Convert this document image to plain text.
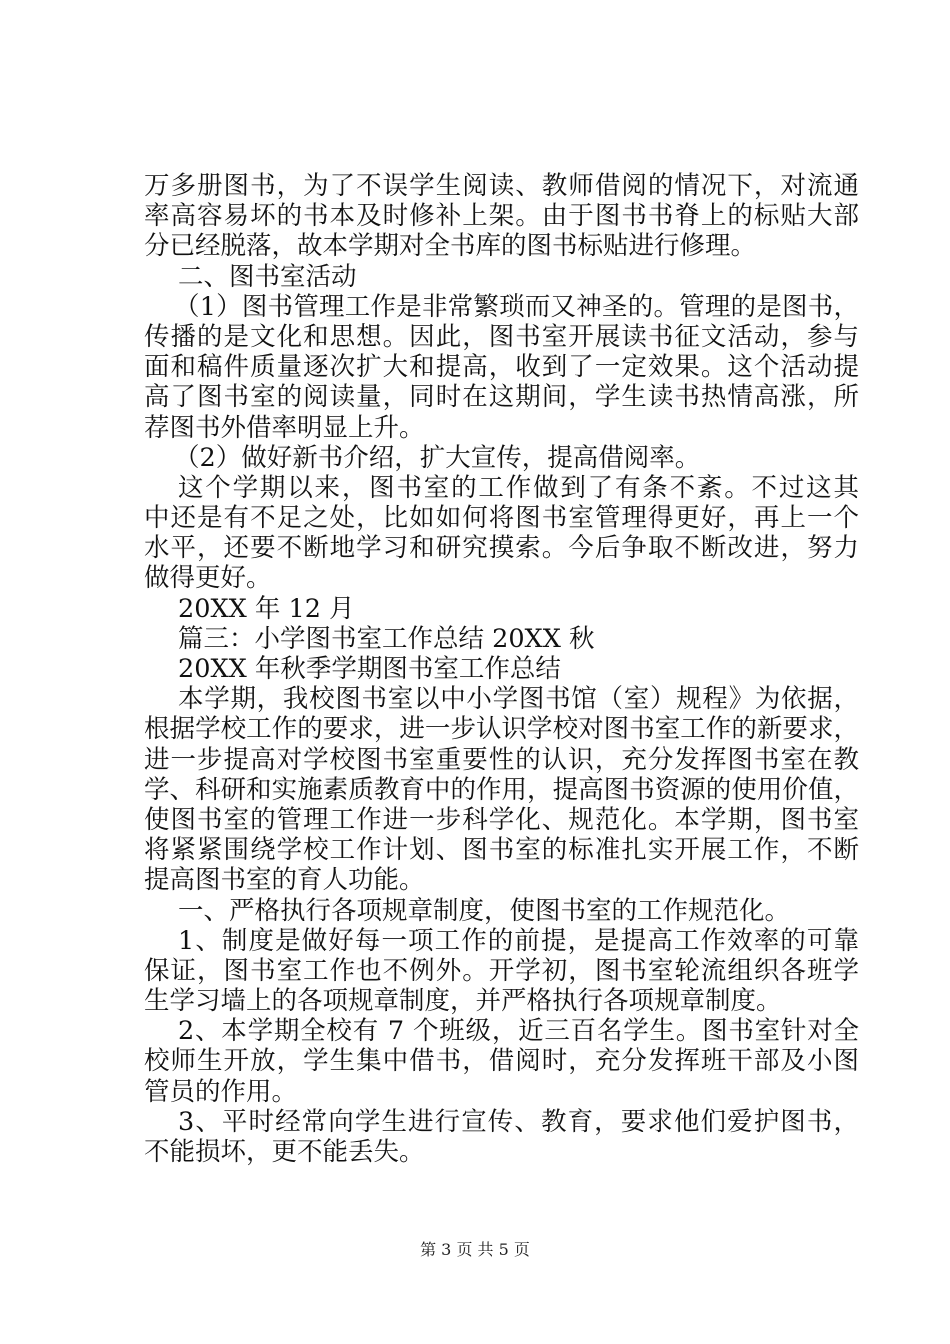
万多册图书，为了不误学生阅读、教师借阅的情况下，对流通
率高容易坏的书本及时修补上架。由于图书书脊上的标贴大部
分已经脱落，故本学期对全书库的图书标贴进行修理。
二、图书室活动
（1）图书管理工作是非常繁琐而又神圣的。管理的是图书，
传播的是文化和思想。因此，图书室开展读书征文活动，参与
面和稿件质量逐次扩大和提高，收到了一定效果。这个活动提
高了图书室的阅读量，同时在这期间，学生读书热情高涨，所
荐图书外借率明显上升。
（2）做好新书介绍，扩大宣传，提高借阅率。
这个学期以来，图书室的工作做到了有条不紊。不过这其
中还是有不足之处，比如如何将图书室管理得更好，再上一个
水平，还要不断地学习和研究摸索。今后争取不断改进，努力
做得更好。
20XX 年 12 月
篇三：小学图书室工作总结 20XX 秋
20XX 年秋季学期图书室工作总结
本学期，我校图书室以中小学图书馆（室）规程》为依据，
根据学校工作的要求，进一步认识学校对图书室工作的新要求，
进一步提高对学校图书室重要性的认识，充分发挥图书室在教
学、科研和实施素质教育中的作用，提高图书资源的使用价值，
使图书室的管理工作进一步科学化、规范化。本学期，图书室
将紧紧围绕学校工作计划、图书室的标准扎实开展工作，不断
提高图书室的育人功能。
一、严格执行各项规章制度，使图书室的工作规范化。
1、制度是做好每一项工作的前提，是提高工作效率的可靠
保证，图书室工作也不例外。开学初，图书室轮流组织各班学
生学习墙上的各项规章制度，并严格执行各项规章制度。
2、本学期全校有 7 个班级，近三百名学生。图书室针对全
校师生开放，学生集中借书，借阅时，充分发挥班干部及小图
管员的作用。
3、平时经常向学生进行宣传、教育，要求他们爱护图书，
不能损坏，更不能丢失。
第 3 页 共 5 页
